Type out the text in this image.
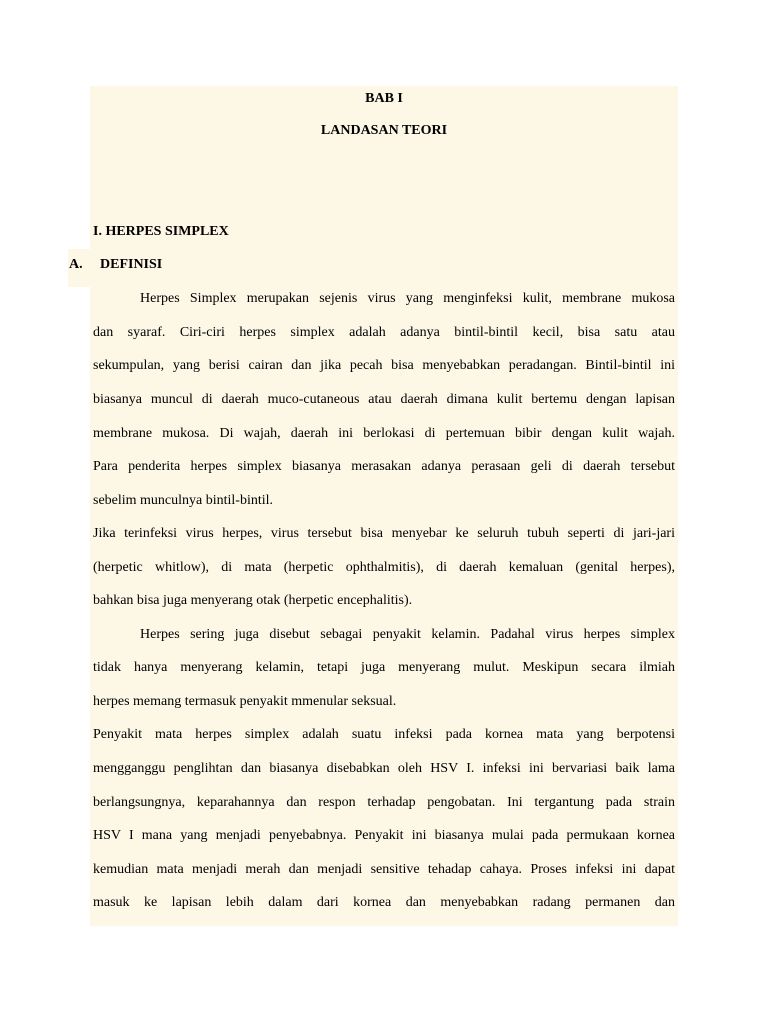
BAB I
LANDASAN TEORI
I. HERPES SIMPLEX
A. DEFINISI
Herpes Simplex merupakan sejenis virus yang menginfeksi kulit, membrane mukosa
dan syaraf. Ciri-ciri herpes simplex adalah adanya bintil-bintil kecil, bisa satu atau
sekumpulan, yang berisi cairan dan jika pecah bisa menyebabkan peradangan. Bintil-bintil ini
biasanya muncul di daerah muco-cutaneous atau daerah dimana kulit bertemu dengan lapisan
membrane mukosa. Di wajah, daerah ini berlokasi di pertemuan bibir dengan kulit wajah.
Para penderita herpes simplex biasanya merasakan adanya perasaan geli di daerah tersebut
sebelim munculnya bintil-bintil.
Jika terinfeksi virus herpes, virus tersebut bisa menyebar ke seluruh tubuh seperti di jari-jari
(herpetic whitlow), di mata (herpetic ophthalmitis), di daerah kemaluan (genital herpes),
bahkan bisa juga menyerang otak (herpetic encephalitis).
Herpes sering juga disebut sebagai penyakit kelamin. Padahal virus herpes simplex
tidak hanya menyerang kelamin, tetapi juga menyerang mulut. Meskipun secara ilmiah
herpes memang termasuk penyakit mmenular seksual.
Penyakit mata herpes simplex adalah suatu infeksi pada kornea mata yang berpotensi
mengganggu penglihtan dan biasanya disebabkan oleh HSV I. infeksi ini bervariasi baik lama
berlangsungnya, keparahannya dan respon terhadap pengobatan. Ini tergantung pada strain
HSV I mana yang menjadi penyebabnya. Penyakit ini biasanya mulai pada permukaan kornea
kemudian mata menjadi merah dan menjadi sensitive tehadap cahaya. Proses infeksi ini dapat
masuk ke lapisan lebih dalam dari kornea dan menyebabkan radang permanen dan
